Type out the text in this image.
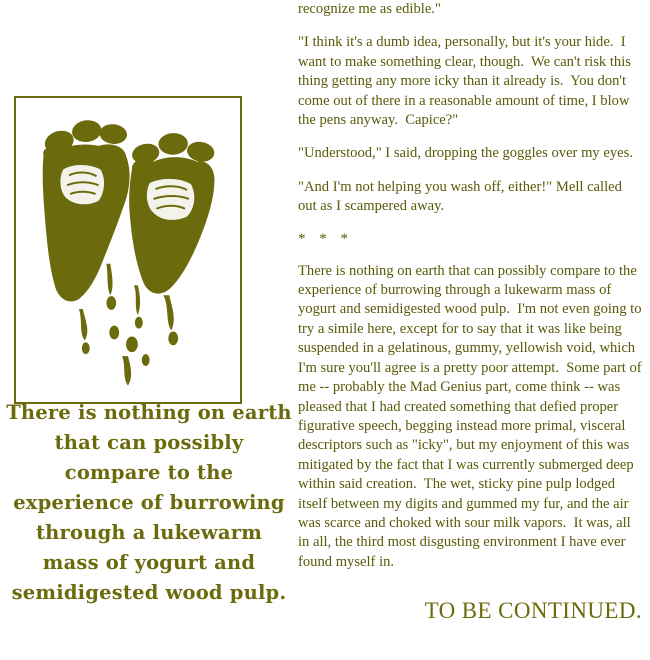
There is nothing on earth that can possibly compare to the experience of burrowing through a lukewarm mass of yogurt and semidigested wood pulp.

recognize me as edible."

"I think it's a dumb idea, personally, but it's your hide.  I want to make something clear, though.  We can't risk this thing getting any more icky than it already is.  You don't come out of there in a reasonable amount of time, I blow the pens anyway.  Capice?"

"Understood," I said, dropping the goggles over my eyes.

"And I'm not helping you wash off, either!" Mell called out as I scampered away.

* * *

There is nothing on earth that can possibly compare to the experience of burrowing through a lukewarm mass of yogurt and semidigested wood pulp.  I'm not even going to try a simile here, except for to say that it was like being suspended in a gelatinous, gummy, yellowish void, which I'm sure you'll agree is a pretty poor attempt.  Some part of me -- probably the Mad Genius part, come think -- was pleased that I had created something that defied proper figurative speech, begging instead more primal, visceral descriptors such as "icky", but my enjoyment of this was mitigated by the fact that I was currently submerged deep within said creation.  The wet, sticky pine pulp lodged itself between my digits and gummed my fur, and the air was scarce and choked with sour milk vapors.  It was, all in all, the third most disgusting environment I have ever found myself in.

TO BE CONTINUED.
